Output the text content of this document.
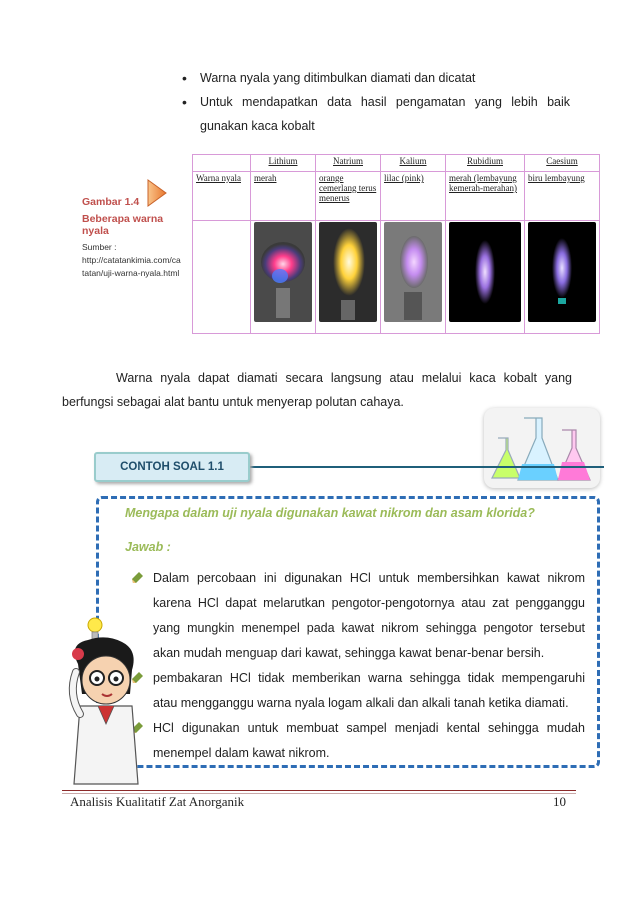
• Warna nyala yang ditimbulkan diamati dan dicatat
• Untuk mendapatkan data hasil pengamatan yang lebih baik gunakan kaca kobalt
Gambar 1.4
Beberapa warna nyala
Sumber :
http://catatankimia.com/catatan/uji-warna-nyala.html
	Lithium	Natrium	Kalium	Rubidium	Caesium
Warna nyala	merah	orange cemerlang terus menerus	lilac (pink)	merah (lembayung kemerah-merahan)	biru lembayung

Warna nyala dapat diamati secara langsung atau melalui kaca kobalt yang berfungsi sebagai alat bantu untuk menyerap polutan cahaya.
CONTOH SOAL 1.1
Mengapa dalam uji nyala digunakan kawat nikrom dan asam klorida?
Jawab :
Dalam percobaan ini digunakan HCl untuk membersihkan kawat nikrom karena HCl dapat melarutkan pengotor-pengotornya atau zat pengganggu yang mungkin menempel pada kawat nikrom sehingga pengotor tersebut akan mudah menguap dari kawat, sehingga kawat benar-benar bersih.
pembakaran HCl tidak memberikan warna sehingga tidak mempengaruhi atau mengganggu warna nyala logam alkali dan alkali tanah ketika diamati.
HCl digunakan untuk membuat sampel menjadi kental sehingga mudah menempel dalam kawat nikrom.
Analisis Kualitatif Zat Anorganik	10
